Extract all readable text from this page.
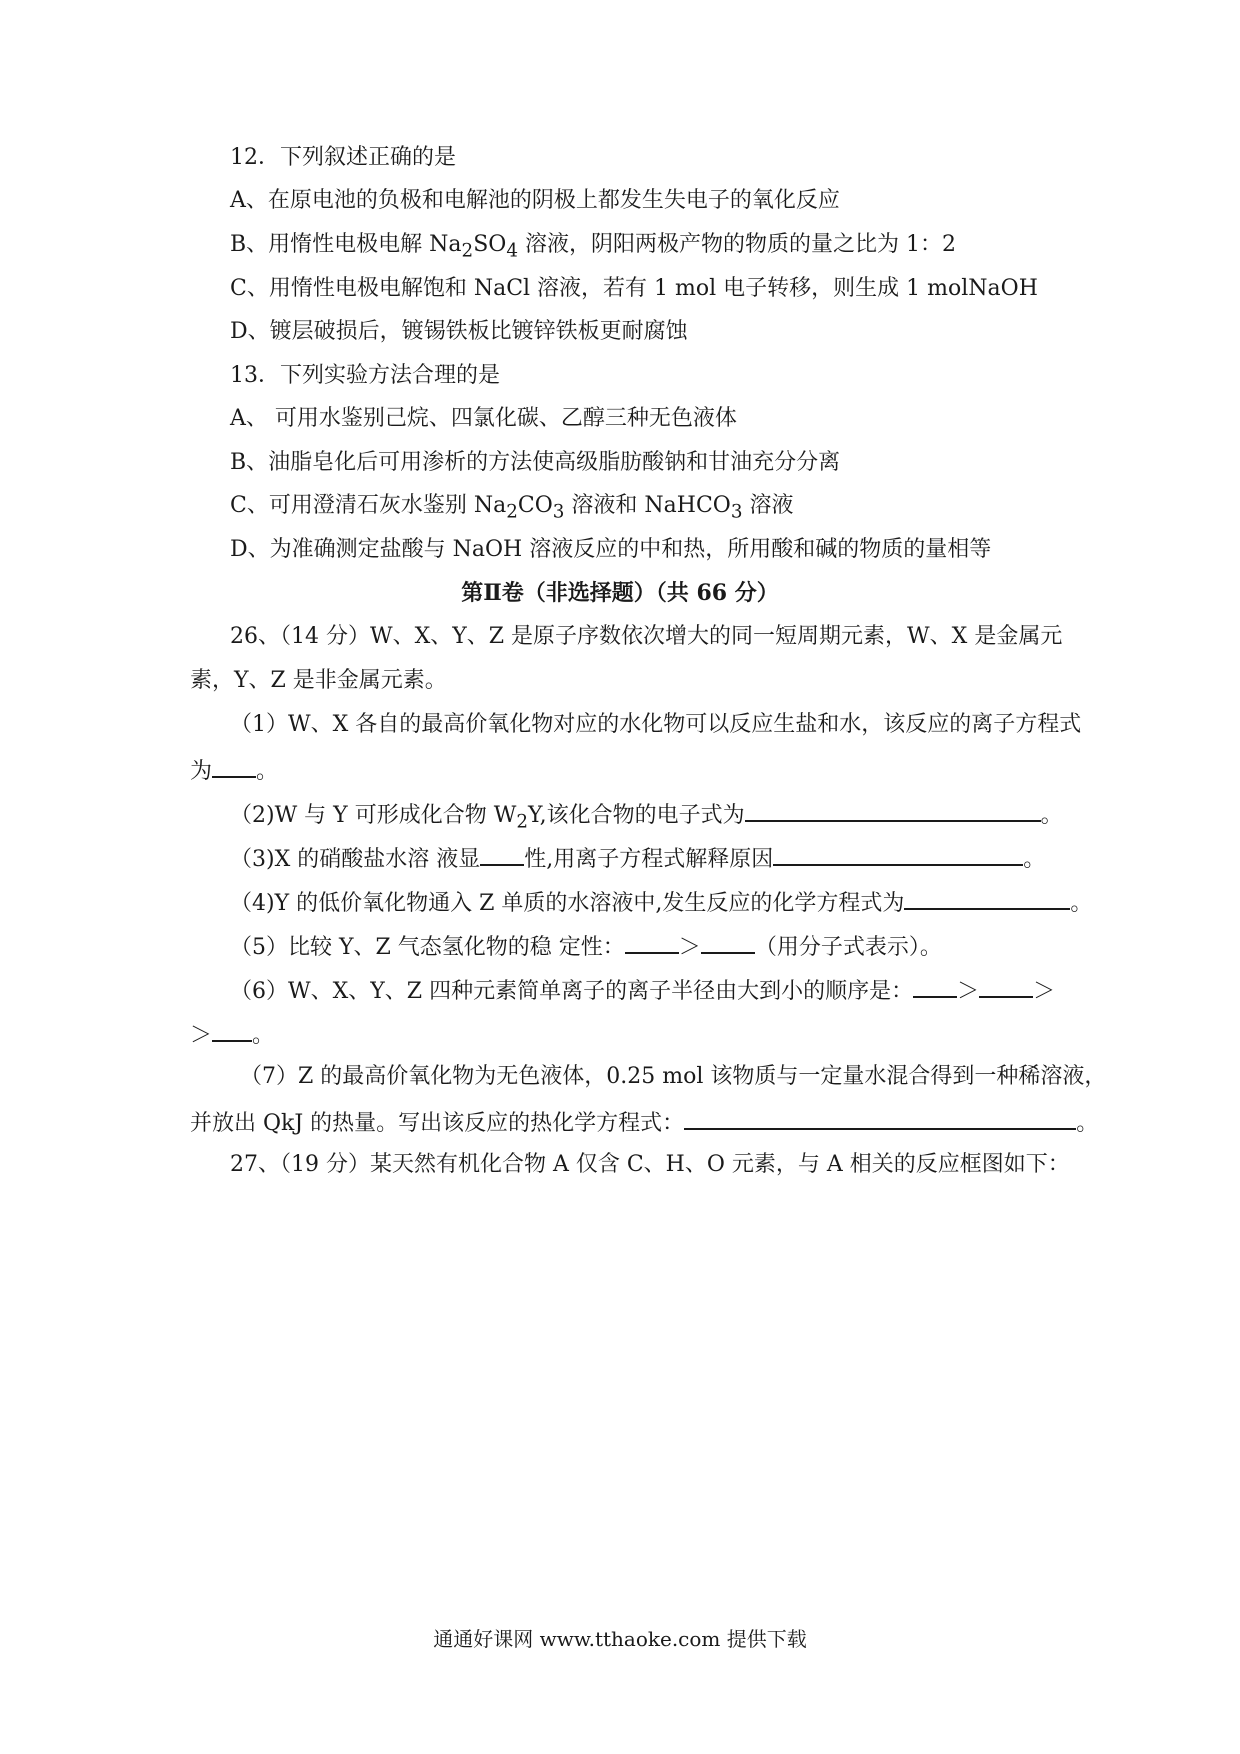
12．下列叙述正确的是
A、在原电池的负极和电解池的阴极上都发生失电子的氧化反应
B、用惰性电极电解 $Na_2SO_4$ 溶液，阴阳两极产物的物质的量之比为 1：2
C、用惰性电极电解饱和 NaCl 溶液，若有 1 mol 电子转移，则生成 1 molNaOH
D、镀层破损后，镀锡铁板比镀锌铁板更耐腐蚀
13．下列实验方法合理的是
A、 可用水鉴别己烷、四氯化碳、乙醇三种无色液体
B、油脂皂化后可用渗析的方法使高级脂肪酸钠和甘油充分分离
C、可用澄清石灰水鉴别 $Na_2CO_3$ 溶液和 NaHCO$_3$ 溶液
D、为准确测定盐酸与 NaOH 溶液反应的中和热，所用酸和碱的物质的量相等
第Ⅱ卷（非选择题）（共 66 分）
26、（14 分）W、X、Y、Z 是原子序数依次增大的同一短周期元素，W、X 是金属元
素，Y、Z 是非金属元素。
（1）W、X 各自的最高价氧化物对应的水化物可以反应生盐和水，该反应的离子方程式
为 。
（2)W 与 Y 可形成化合物 $W_2Y$,该化合物的电子式为	。
（3)X 的硝酸盐水溶 液显 性,用离子方程式解释原因	。
（4)Y 的低价氧化物通入 Z 单质的水溶液中,发生反应的化学方程式为	。
（5）比较 Y、Z 气态氢化物的稳 定性： ＞ （用分子式表示）。
（6）W、X、Y、Z 四种元素简单离子的离子半径由大到小的顺序是： ＞ ＞
＞ 。
（7）Z 的最高价氧化物为无色液体，0.25 mol 该物质与一定量水混合得到一种稀溶液，
并放出 QkJ 的热量。写出该反应的热化学方程式：	。
27、（19 分）某天然有机化合物 A 仅含 C、H、O 元素，与 A 相关的反应框图如下：
通通好课网 www.tthaoke.com 提供下载
